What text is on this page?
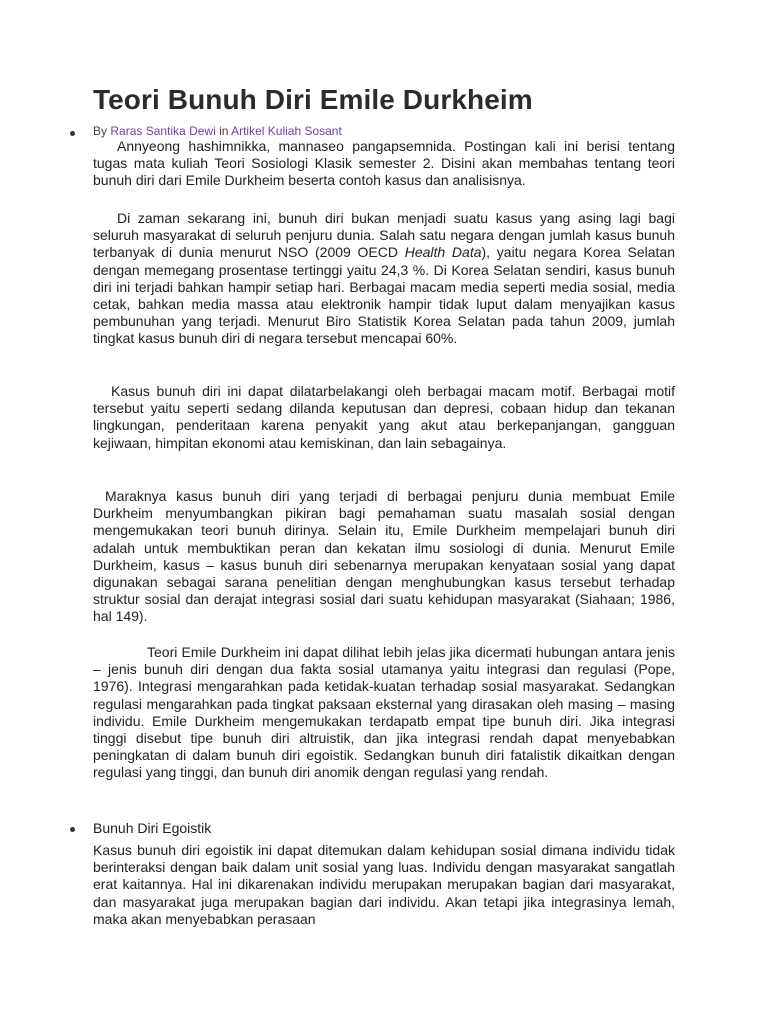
Teori Bunuh Diri Emile Durkheim
By Raras Santika Dewi in Artikel Kuliah Sosant

Annyeong hashimnikka, mannaseo pangapsemnida. Postingan kali ini berisi tentang tugas mata kuliah Teori Sosiologi Klasik semester 2. Disini akan membahas tentang teori bunuh diri dari Emile Durkheim beserta contoh kasus dan analisisnya.

Di zaman sekarang ini, bunuh diri bukan menjadi suatu kasus yang asing lagi bagi seluruh masyarakat di seluruh penjuru dunia. Salah satu negara dengan jumlah kasus bunuh terbanyak di dunia menurut NSO (2009 OECD Health Data), yaitu negara Korea Selatan dengan memegang prosentase tertinggi yaitu 24,3 %. Di Korea Selatan sendiri, kasus bunuh diri ini terjadi bahkan hampir setiap hari. Berbagai macam media seperti media sosial, media cetak, bahkan media massa atau elektronik hampir tidak luput dalam menyajikan kasus pembunuhan yang terjadi. Menurut Biro Statistik Korea Selatan pada tahun 2009, jumlah tingkat kasus bunuh diri di negara tersebut mencapai 60%.

Kasus bunuh diri ini dapat dilatarbelakangi oleh berbagai macam motif. Berbagai motif tersebut yaitu seperti sedang dilanda keputusan dan depresi, cobaan hidup dan tekanan lingkungan, penderitaan karena penyakit yang akut atau berkepanjangan, gangguan kejiwaan, himpitan ekonomi atau kemiskinan, dan lain sebagainya.

Maraknya kasus bunuh diri yang terjadi di berbagai penjuru dunia membuat Emile Durkheim menyumbangkan pikiran bagi pemahaman suatu masalah sosial dengan mengemukakan teori bunuh dirinya. Selain itu, Emile Durkheim mempelajari bunuh diri adalah untuk membuktikan peran dan kekatan ilmu sosiologi di dunia. Menurut Emile Durkheim, kasus – kasus bunuh diri sebenarnya merupakan kenyataan sosial yang dapat digunakan sebagai sarana penelitian dengan menghubungkan kasus tersebut terhadap struktur sosial dan derajat integrasi sosial dari suatu kehidupan masyarakat (Siahaan; 1986, hal 149).

Teori Emile Durkheim ini dapat dilihat lebih jelas jika dicermati hubungan antara jenis – jenis bunuh diri dengan dua fakta sosial utamanya yaitu integrasi dan regulasi (Pope, 1976). Integrasi mengarahkan pada ketidak-kuatan terhadap sosial masyarakat. Sedangkan regulasi mengarahkan pada tingkat paksaan eksternal yang dirasakan oleh masing – masing individu. Emile Durkheim mengemukakan terdapatb empat tipe bunuh diri. Jika integrasi tinggi disebut tipe bunuh diri altruistik, dan jika integrasi rendah dapat menyebabkan peningkatan di dalam bunuh diri egoistik. Sedangkan bunuh diri fatalistik dikaitkan dengan regulasi yang tinggi, dan bunuh diri anomik dengan regulasi yang rendah.

Bunuh Diri Egoistik

Kasus bunuh diri egoistik ini dapat ditemukan dalam kehidupan sosial dimana individu tidak berinteraksi dengan baik dalam unit sosial yang luas. Individu dengan masyarakat sangatlah erat kaitannya. Hal ini dikarenakan individu merupakan merupakan bagian dari masyarakat, dan masyarakat juga merupakan bagian dari individu. Akan tetapi jika integrasinya lemah, maka akan menyebabkan perasaan
